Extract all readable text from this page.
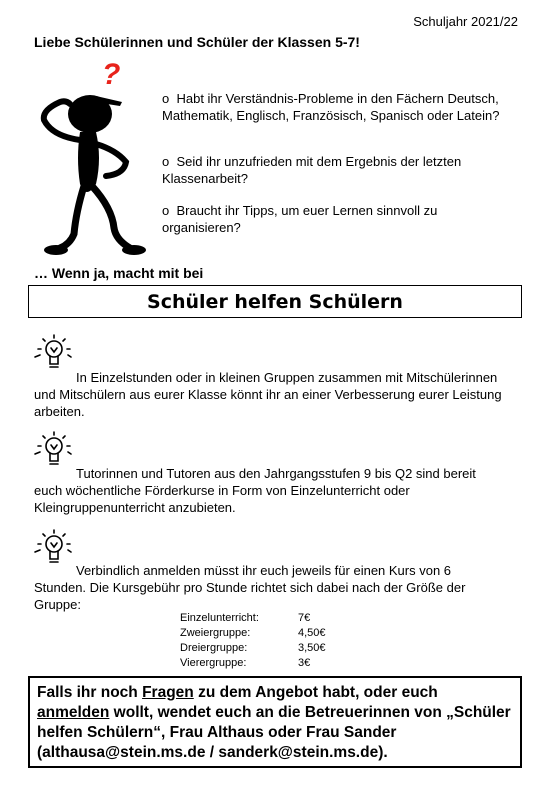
Schuljahr 2021/22
Liebe Schülerinnen und Schüler der Klassen 5-7!
?
o Habt ihr Verständnis-Probleme in den Fächern Deutsch, Mathematik, Englisch, Französisch, Spanisch oder Latein?
o Seid ihr unzufrieden mit dem Ergebnis der letzten Klassenarbeit?
o Braucht ihr Tipps, um euer Lernen sinnvoll zu organisieren?
… Wenn ja, macht mit bei
Schüler helfen Schülern
In Einzelstunden oder in kleinen Gruppen zusammen mit Mitschülerinnen und Mitschülern aus eurer Klasse könnt ihr an einer Verbesserung eurer Leistung arbeiten.
Tutorinnen und Tutoren aus den Jahrgangsstufen 9 bis Q2 sind bereit euch wöchentliche Förderkurse in Form von Einzelunterricht oder Kleingruppenunterricht anzubieten.
Verbindlich anmelden müsst ihr euch jeweils für einen Kurs von 6 Stunden. Die Kursgebühr pro Stunde richtet sich dabei nach der Größe der Gruppe:
Einzelunterricht:	7€
Zweiergruppe:	4,50€
Dreiergruppe:	3,50€
Vierergruppe:	3€
Falls ihr noch Fragen zu dem Angebot habt, oder euch anmelden wollt, wendet euch an die Betreuerinnen von „Schüler helfen Schülern“, Frau Althaus oder Frau Sander (althausa@stein.ms.de / sanderk@stein.ms.de).
